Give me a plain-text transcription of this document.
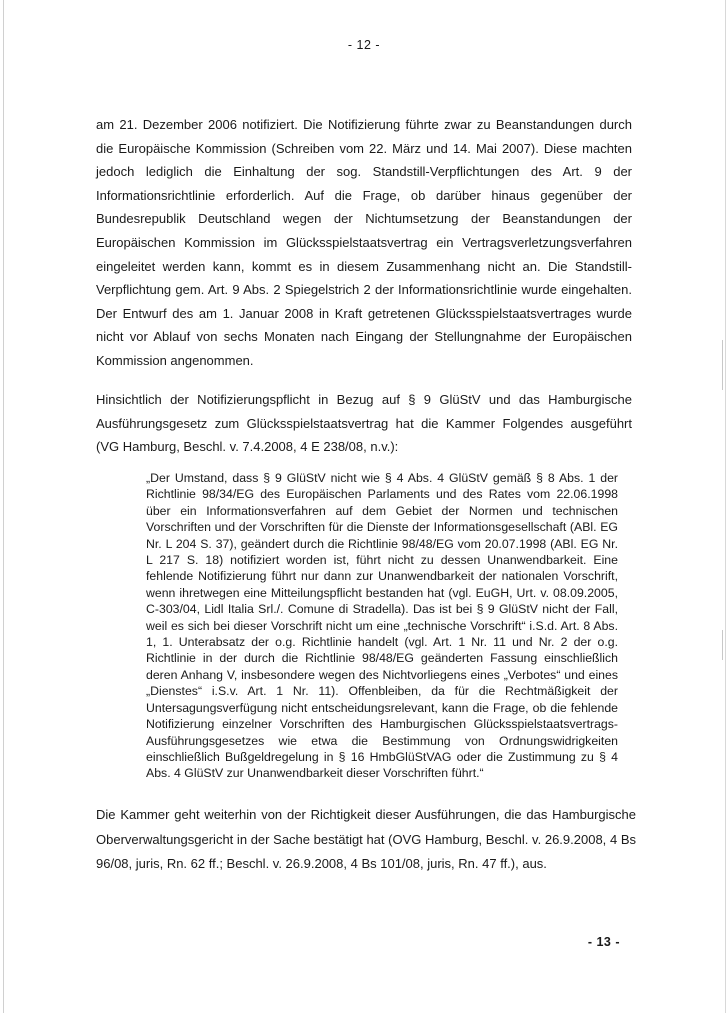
- 12 -

am 21. Dezember 2006 notifiziert. Die Notifizierung führte zwar zu Beanstandungen durch die Europäische Kommission (Schreiben vom 22. März und 14. Mai 2007). Diese machten jedoch lediglich die Einhaltung der sog. Standstill-Verpflichtungen des Art. 9 der Informationsrichtlinie erforderlich. Auf die Frage, ob darüber hinaus gegenüber der Bundesrepublik Deutschland wegen der Nichtumsetzung der Beanstandungen der Europäischen Kommission im Glücksspielstaatsvertrag ein Vertragsverletzungsverfahren eingeleitet werden kann, kommt es in diesem Zusammenhang nicht an. Die Standstill-Verpflichtung gem. Art. 9 Abs. 2 Spiegelstrich 2 der Informationsrichtlinie wurde eingehalten. Der Entwurf des am 1. Januar 2008 in Kraft getretenen Glücksspielstaatsvertrages wurde nicht vor Ablauf von sechs Monaten nach Eingang der Stellungnahme der Europäischen Kommission angenommen.

Hinsichtlich der Notifizierungspflicht in Bezug auf § 9 GlüStV und das Hamburgische Ausführungsgesetz zum Glücksspielstaatsvertrag hat die Kammer Folgendes ausgeführt (VG Hamburg, Beschl. v. 7.4.2008, 4 E 238/08, n.v.):

„Der Umstand, dass § 9 GlüStV nicht wie § 4 Abs. 4 GlüStV gemäß § 8 Abs. 1 der Richtlinie 98/34/EG des Europäischen Parlaments und des Rates vom 22.06.1998 über ein Informationsverfahren auf dem Gebiet der Normen und technischen Vorschriften und der Vorschriften für die Dienste der Informationsgesellschaft (ABl. EG Nr. L 204 S. 37), geändert durch die Richtlinie 98/48/EG vom 20.07.1998 (ABl. EG Nr. L 217 S. 18) notifiziert worden ist, führt nicht zu dessen Unanwendbarkeit. Eine fehlende Notifizierung führt nur dann zur Unanwendbarkeit der nationalen Vorschrift, wenn ihretwegen eine Mitteilungspflicht bestanden hat (vgl. EuGH, Urt. v. 08.09.2005, C-303/04, Lidl Italia Srl./. Comune di Stradella). Das ist bei § 9 GlüStV nicht der Fall, weil es sich bei dieser Vorschrift nicht um eine „technische Vorschrift“ i.S.d. Art. 8 Abs. 1, 1. Unterabsatz der o.g. Richtlinie handelt (vgl. Art. 1 Nr. 11 und Nr. 2 der o.g. Richtlinie in der durch die Richtlinie 98/48/EG geänderten Fassung einschließlich deren Anhang V, insbesondere wegen des Nichtvorliegens eines „Verbotes“ und eines „Dienstes“ i.S.v. Art. 1 Nr. 11). Offenbleiben, da für die Rechtmäßigkeit der Untersagungsverfügung nicht entscheidungsrelevant, kann die Frage, ob die fehlende Notifizierung einzelner Vorschriften des Hamburgischen Glücksspielstaatsvertrags-Ausführungsgesetzes wie etwa die Bestimmung von Ordnungswidrigkeiten einschließlich Bußgeldregelung in § 16 HmbGlüStVAG oder die Zustimmung zu § 4 Abs. 4 GlüStV zur Unanwendbarkeit dieser Vorschriften führt.“

Die Kammer geht weiterhin von der Richtigkeit dieser Ausführungen, die das Hamburgische Oberverwaltungsgericht in der Sache bestätigt hat (OVG Hamburg, Beschl. v. 26.9.2008, 4 Bs 96/08, juris, Rn. 62 ff.; Beschl. v. 26.9.2008, 4 Bs 101/08, juris, Rn. 47 ff.), aus.

- 13 -
